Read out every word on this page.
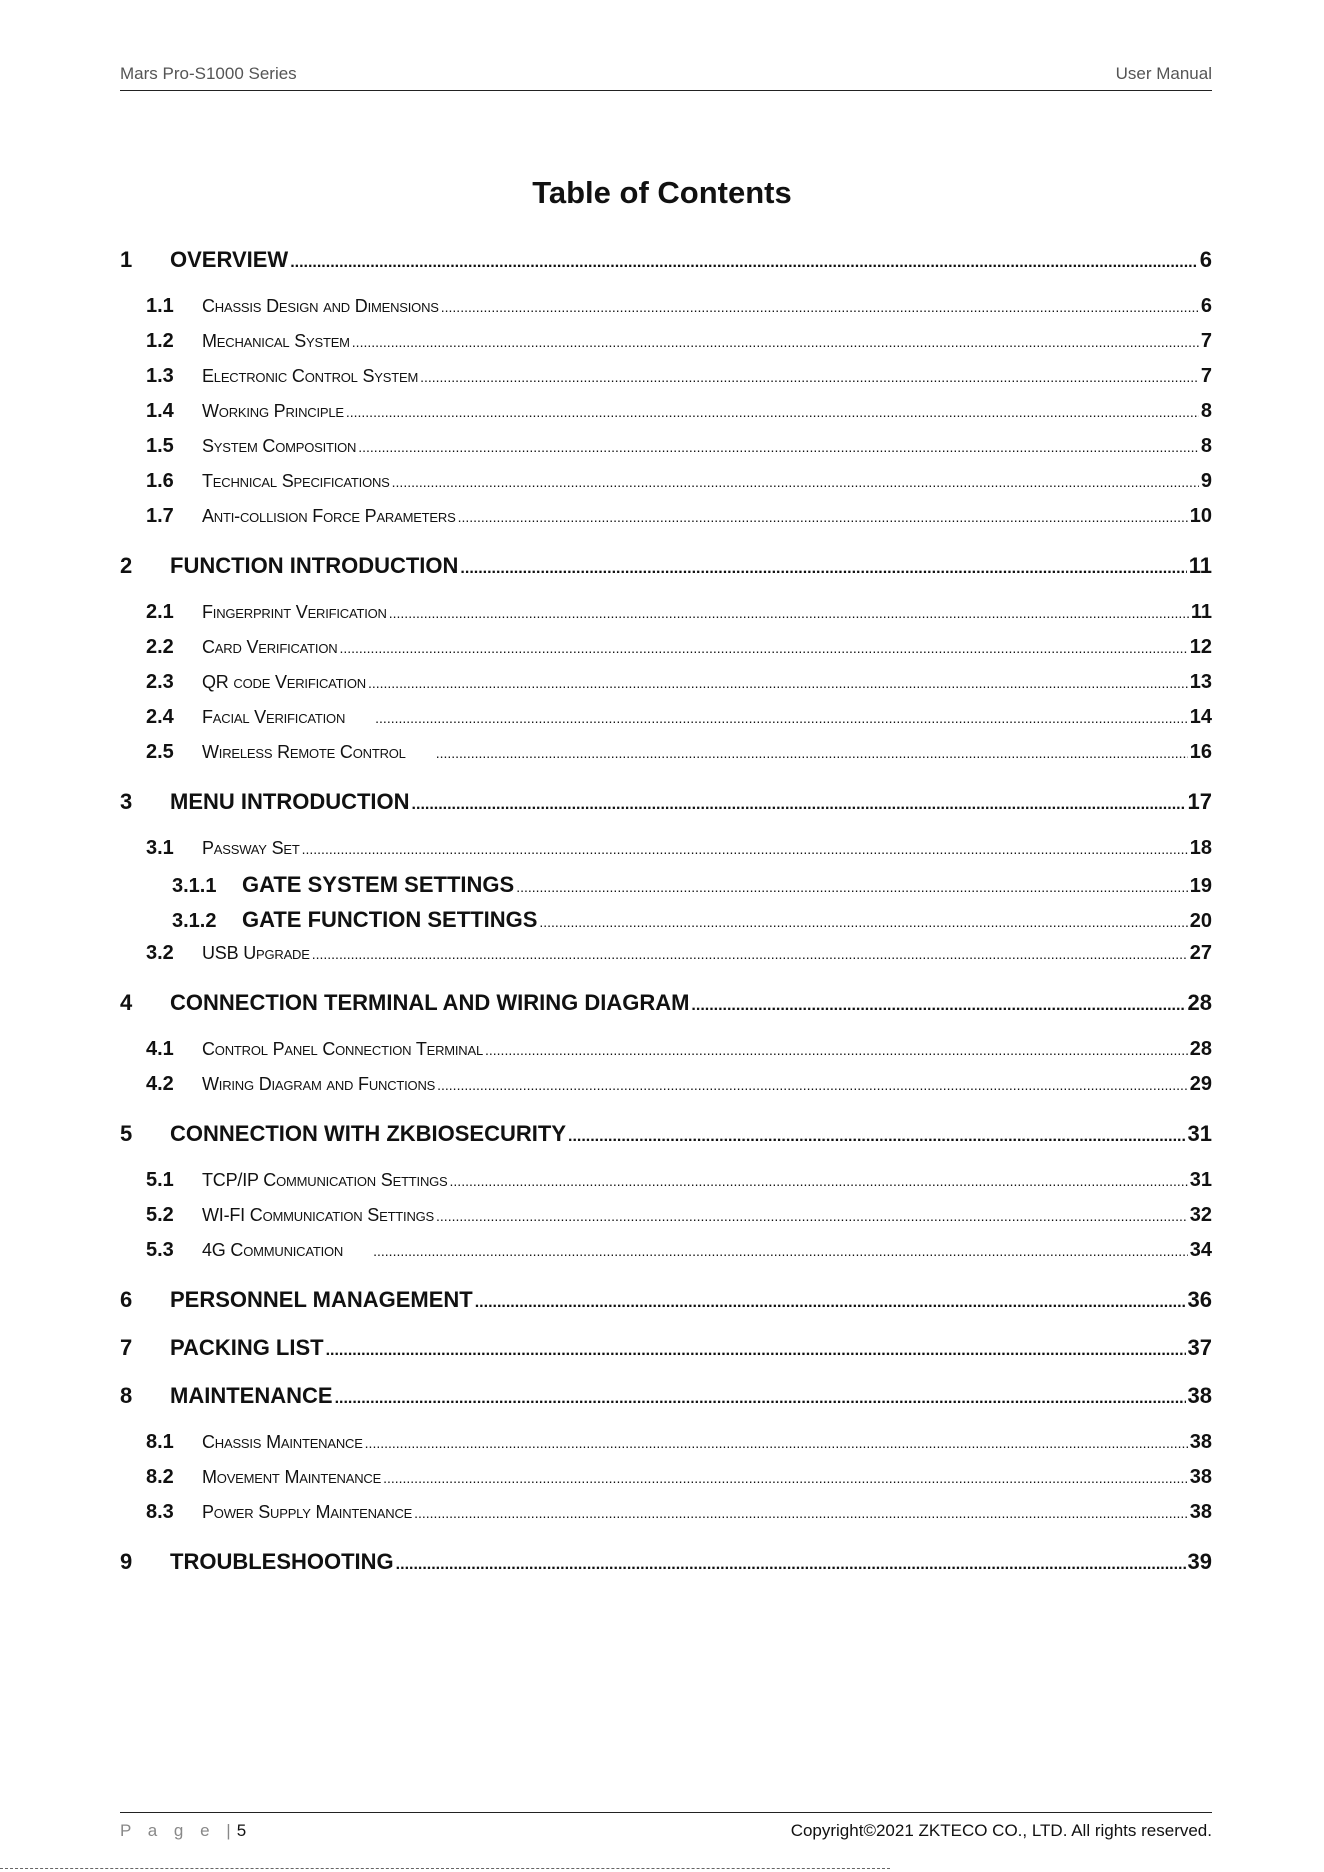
Mars Pro-S1000 Series	User Manual
Table of Contents
1	OVERVIEW .....	6
1.1	Chassis Design and Dimensions .....	6
1.2	Mechanical System .....	7
1.3	Electronic Control System .....	7
1.4	Working Principle .....	8
1.5	System Composition .....	8
1.6	Technical Specifications .....	9
1.7	Anti-collision Force Parameters .....	10
2	FUNCTION INTRODUCTION .....	11
2.1	Fingerprint Verification .....	11
2.2	Card Verification .....	12
2.3	QR code Verification .....	13
2.4	Facial Verification .....	14
2.5	Wireless Remote Control .....	16
3	MENU INTRODUCTION .....	17
3.1	Passway Set .....	18
3.1.1	GATE SYSTEM SETTINGS .....	19
3.1.2	GATE FUNCTION SETTINGS .....	20
3.2	USB Upgrade .....	27
4	CONNECTION TERMINAL AND WIRING DIAGRAM .....	28
4.1	Control Panel Connection Terminal .....	28
4.2	Wiring Diagram and Functions .....	29
5	CONNECTION WITH ZKBIOSECURITY .....	31
5.1	TCP/IP Communication Settings .....	31
5.2	WI-FI Communication Settings .....	32
5.3	4G Communication .....	34
6	PERSONNEL MANAGEMENT .....	36
7	PACKING LIST .....	37
8	MAINTENANCE .....	38
8.1	Chassis Maintenance .....	38
8.2	Movement Maintenance .....	38
8.3	Power Supply Maintenance .....	38
9	TROUBLESHOOTING .....	39
P a g e |5	Copyright©2021 ZKTECO CO., LTD. All rights reserved.
